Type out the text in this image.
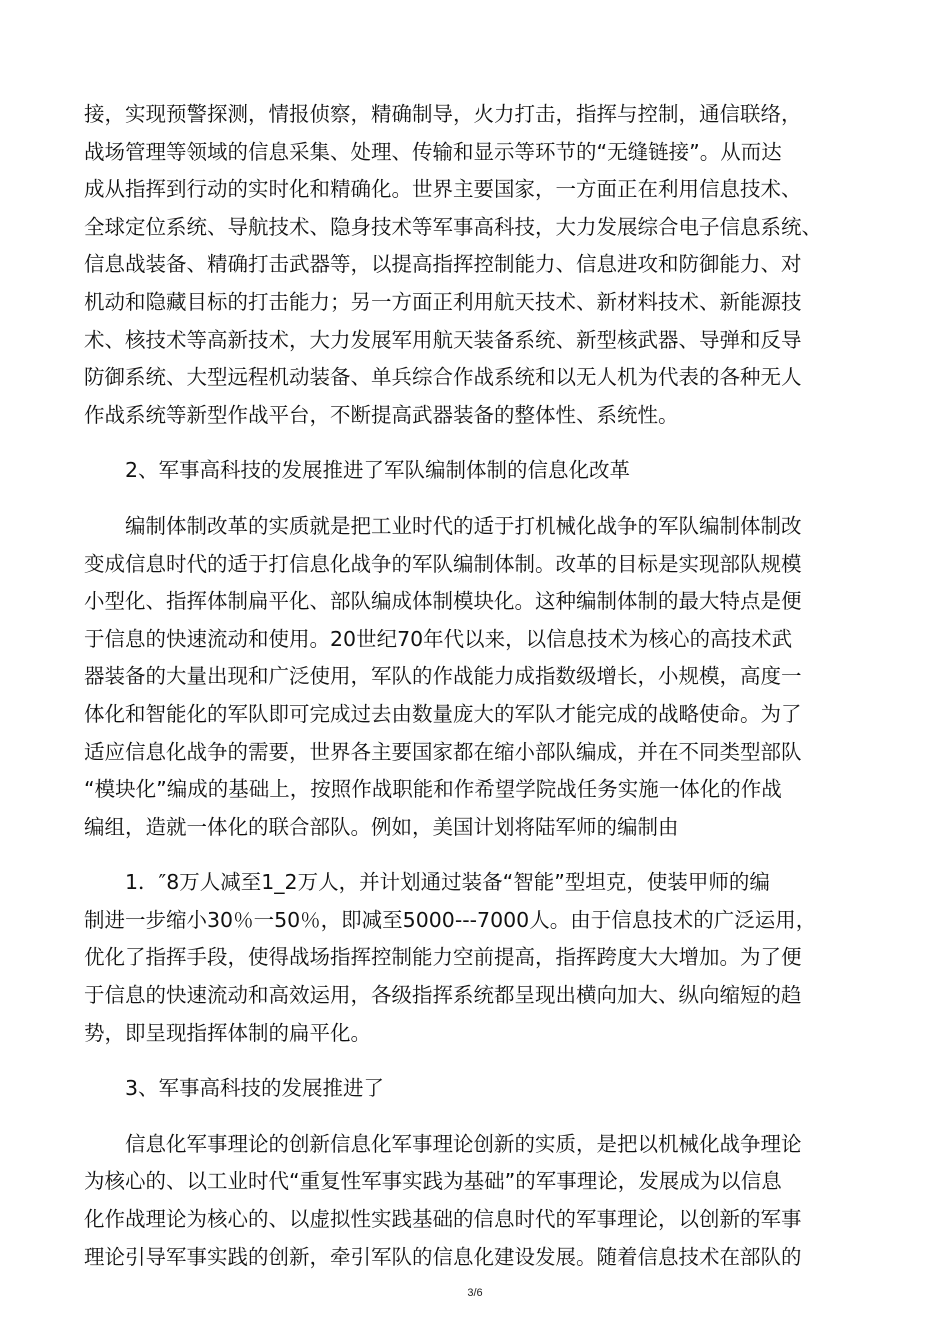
接，实现预警探测，情报侦察，精确制导，火力打击，指挥与控制，通信联络，
战场管理等领域的信息采集、处理、传输和显示等环节的“无缝链接”。从而达
成从指挥到行动的实时化和精确化。世界主要国家，一方面正在利用信息技术、
全球定位系统、导航技术、隐身技术等军事高科技，大力发展综合电子信息系统、
信息战装备、精确打击武器等，以提高指挥控制能力、信息进攻和防御能力、对
机动和隐藏目标的打击能力；另一方面正利用航天技术、新材料技术、新能源技
术、核技术等高新技术，大力发展军用航天装备系统、新型核武器、导弹和反导
防御系统、大型远程机动装备、单兵综合作战系统和以无人机为代表的各种无人
作战系统等新型作战平台，不断提高武器装备的整体性、系统性。
　　2、军事高科技的发展推进了军队编制体制的信息化改革
　　编制体制改革的实质就是把工业时代的适于打机械化战争的军队编制体制改
变成信息时代的适于打信息化战争的军队编制体制。改革的目标是实现部队规模
小型化、指挥体制扁平化、部队编成体制模块化。这种编制体制的最大特点是便
于信息的快速流动和使用。20世纪70年代以来，以信息技术为核心的高技术武
器装备的大量出现和广泛使用，军队的作战能力成指数级增长，小规模，高度一
体化和智能化的军队即可完成过去由数量庞大的军队才能完成的战略使命。为了
适应信息化战争的需要，世界各主要国家都在缩小部队编成，并在不同类型部队
“模块化”编成的基础上，按照作战职能和作希望学院战任务实施一体化的作战
编组，造就一体化的联合部队。例如，美国计划将陆军师的编制由
　　1．″8万人减至1_2万人，并计划通过装备“智能”型坦克，使装甲师的编
制进一步缩小30％一50％，即减至5000---7000人。由于信息技术的广泛运用，
优化了指挥手段，使得战场指挥控制能力空前提高，指挥跨度大大增加。为了便
于信息的快速流动和高效运用，各级指挥系统都呈现出横向加大、纵向缩短的趋
势，即呈现指挥体制的扁平化。
　　3、军事高科技的发展推进了
　　信息化军事理论的创新信息化军事理论创新的实质，是把以机械化战争理论
为核心的、以工业时代“重复性军事实践为基础”的军事理论，发展成为以信息
化作战理论为核心的、以虚拟性实践基础的信息时代的军事理论，以创新的军事
理论引导军事实践的创新，牵引军队的信息化建设发展。随着信息技术在部队的
3/6
